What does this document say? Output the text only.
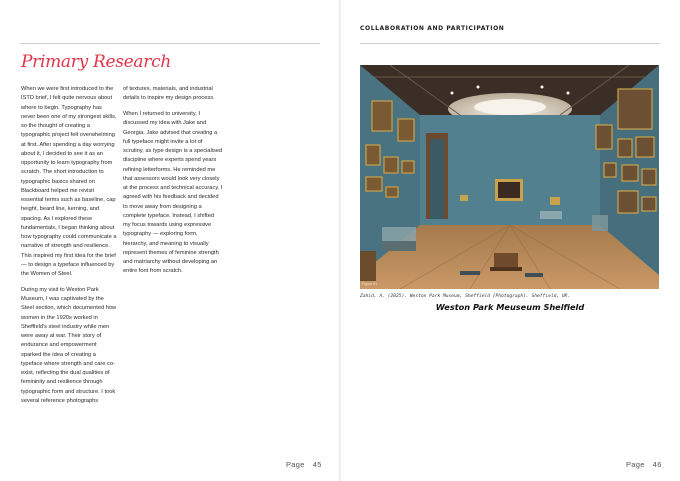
Primary Research

When we were first introduced to the ISTD brief, I felt quite nervous about where to begin. Typography has never been one of my strongest skills, so the thought of creating a typographic project felt overwhelming at first. After spending a day worrying about it, I decided to see it as an opportunity to learn typography from scratch. The short introduction to typographic basics shared on Blackboard helped me revisit essential terms such as baseline, cap height, beard line, kerning, and spacing. As I explored these fundamentals, I began thinking about how typography could communicate a narrative of strength and resilience. This inspired my first idea for the brief — to design a typeface influenced by the Women of Steel.

During my visit to Weston Park Museum, I was captivated by the Steel section, which documented how women in the 1920s worked in Sheffield's steel industry while men were away at war. Their story of endurance and empowerment sparked the idea of creating a typeface where strength and care co-exist, reflecting the dual qualities of femininity and resilience through typographic form and structure. I took several reference photographs

of textures, materials, and industrial details to inspire my design process.

When I returned to university, I discussed my idea with Jake and Georgia. Jake advised that creating a full typeface might invite a lot of scrutiny, as type design is a specialised discipline where experts spend years refining letterforms. He reminded me that assessors would look very closely at the process and technical accuracy. I agreed with his feedback and decided to move away from designing a complete typeface. Instead, I shifted my focus towards using expressive typography — exploring form, hierarchy, and meaning to visually represent themes of feminine strength and matriarchy without developing an entire font from scratch.

Page 45
COLLABORATION AND PARTICIPATION
Figure 01
Zahid, A. (2025). Weston Park Museum, Sheffield [Photograph]. Sheffield, UK.
Weston Park Meuseum Shelfield
Page 46
